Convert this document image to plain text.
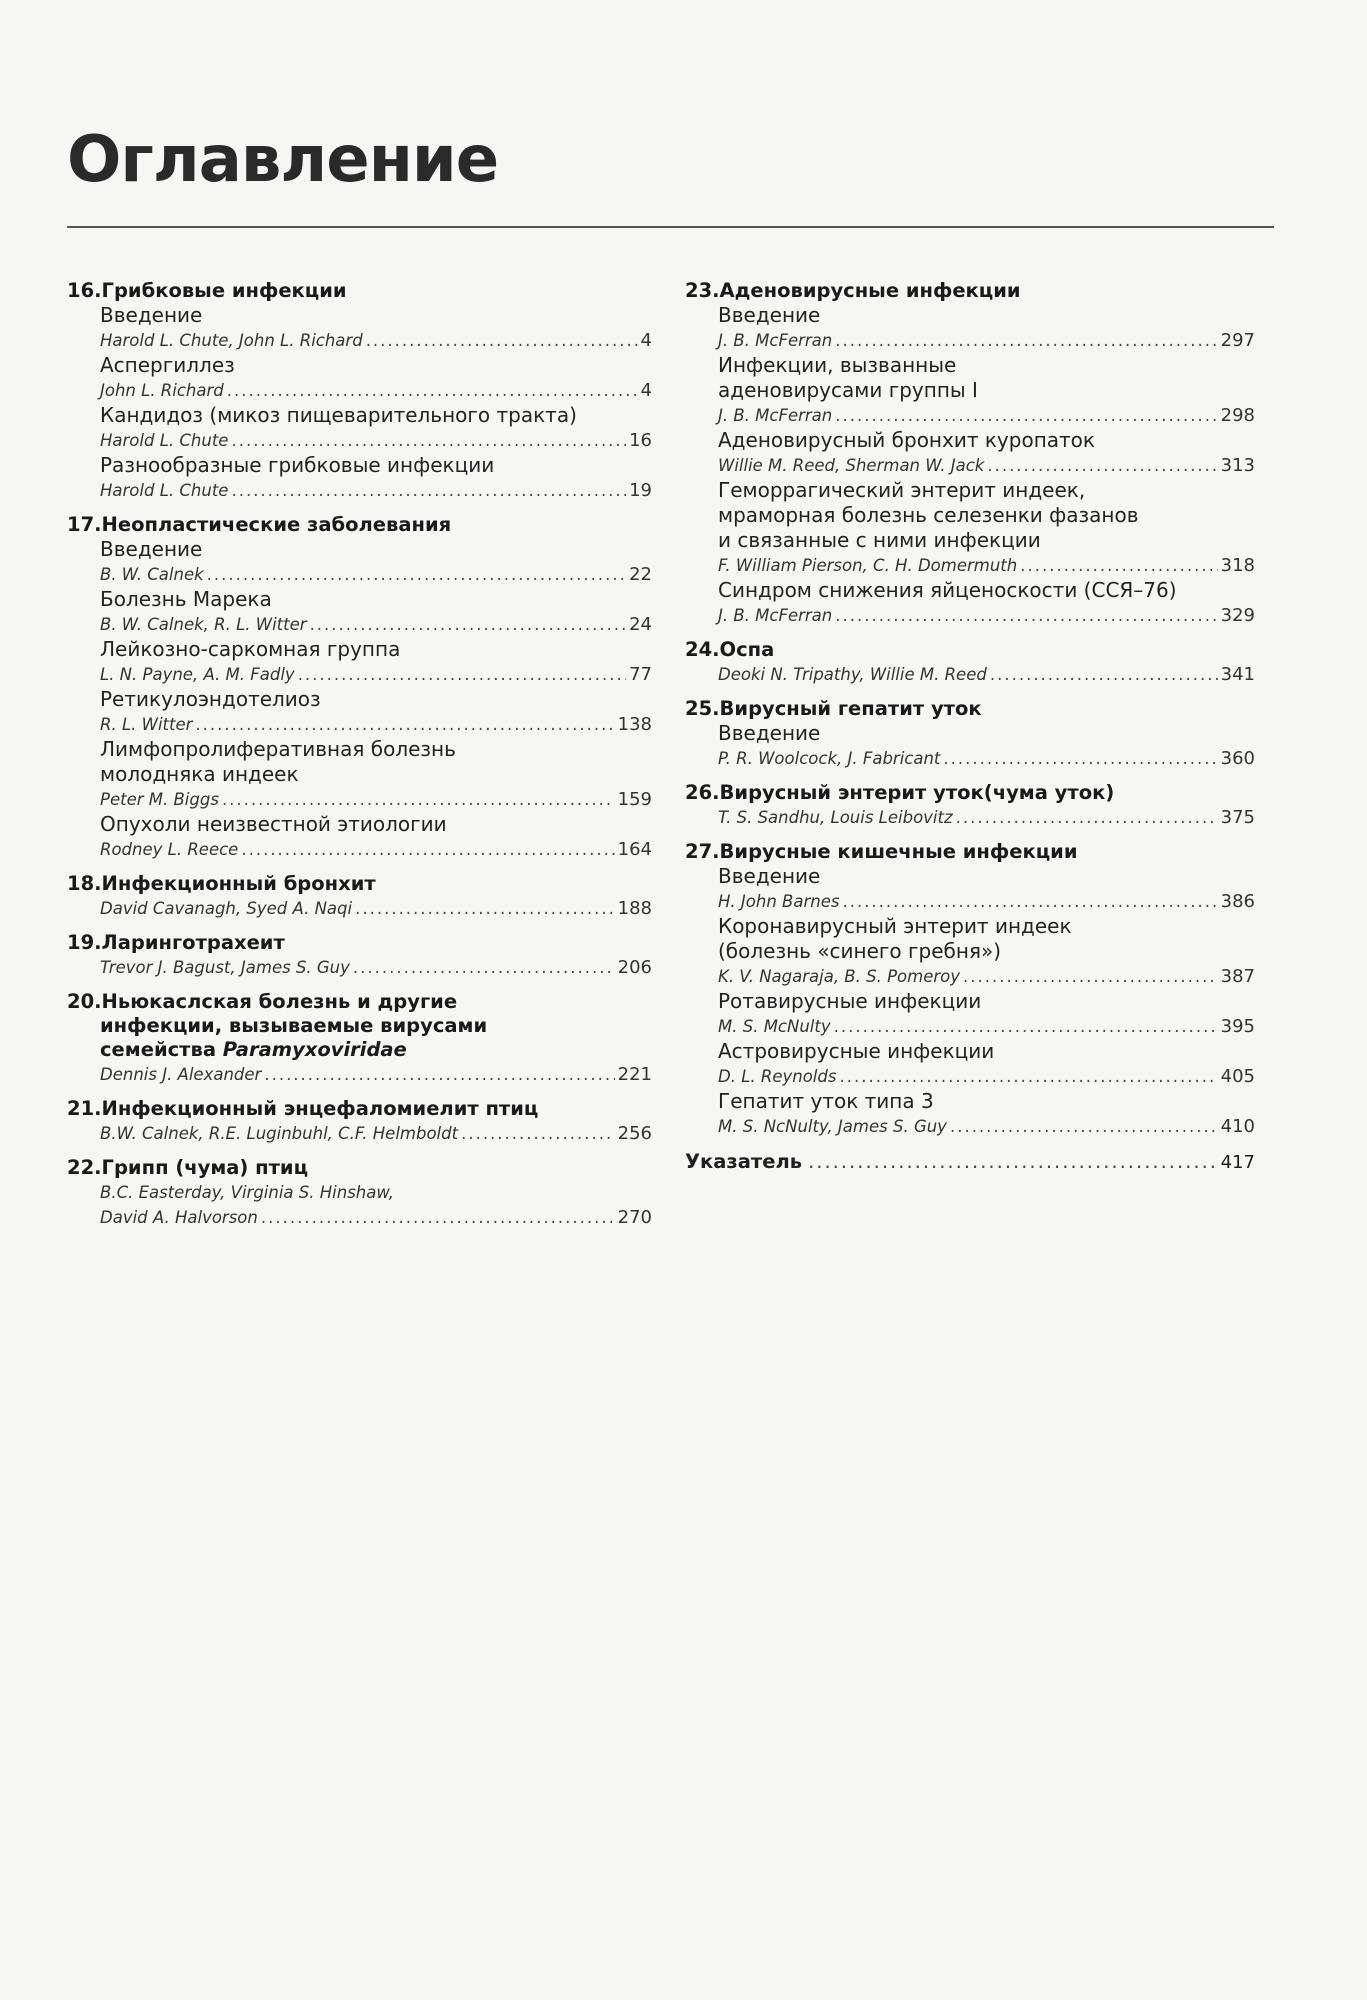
Оглавление
16.Грибковые инфекции
Введение
Harold L. Chute, John L. Richard .....	4
Аспергиллез
John L. Richard .....	4
Кандидоз (микоз пищеварительного тракта)
Harold L. Chute .....	16
Разнообразные грибковые инфекции
Harold L. Chute .....	19
17.Неопластические заболевания
Введение
B. W. Calnek .....	22
Болезнь Марека
B. W. Calnek, R. L. Witter .....	24
Лейкозно-саркомная группа
L. N. Payne, A. M. Fadly .....	77
Ретикулоэндотелиоз
R. L. Witter .....	138
Лимфопролиферативная болезнь
молодняка индеек
Peter M. Biggs .....	159
Опухоли неизвестной этиологии
Rodney L. Reece .....	164
18.Инфекционный бронхит
David Cavanagh, Syed A. Naqi .....	188
19.Ларинготрахеит
Trevor J. Bagust, James S. Guy .....	206
20.Ньюкаслская болезнь и другие
инфекции, вызываемые вирусами
семейства Paramyxoviridae
Dennis J. Alexander .....	221
21.Инфекционный энцефаломиелит птиц
B.W. Calnek, R.E. Luginbuhl, C.F. Helmboldt .....	256
22.Грипп (чума) птиц
B.C. Easterday, Virginia S. Hinshaw,
David A. Halvorson .....	270
23.Аденовирусные инфекции
Введение
J. B. McFerran .....	297
Инфекции, вызванные
аденовирусами группы I
J. B. McFerran .....	298
Аденовирусный бронхит куропаток
Willie M. Reed, Sherman W. Jack .....	313
Геморрагический энтерит индеек,
мраморная болезнь селезенки фазанов
и связанные с ними инфекции
F. William Pierson, C. H. Domermuth .....	318
Синдром снижения яйценоскости (ССЯ–76)
J. B. McFerran .....	329
24.Оспа
Deoki N. Tripathy, Willie M. Reed .....	341
25.Вирусный гепатит уток
Введение
P. R. Woolcock, J. Fabricant .....	360
26.Вирусный энтерит уток(чума уток)
T. S. Sandhu, Louis Leibovitz .....	375
27.Вирусные кишечные инфекции
Введение
H. John Barnes .....	386
Коронавирусный энтерит индеек
(болезнь «синего гребня»)
K. V. Nagaraja, B. S. Pomeroy .....	387
Ротавирусные инфекции
M. S. McNulty .....	395
Астровирусные инфекции
D. L. Reynolds .....	405
Гепатит уток типа 3
M. S. NcNulty, James S. Guy .....	410
Указатель .....	417
